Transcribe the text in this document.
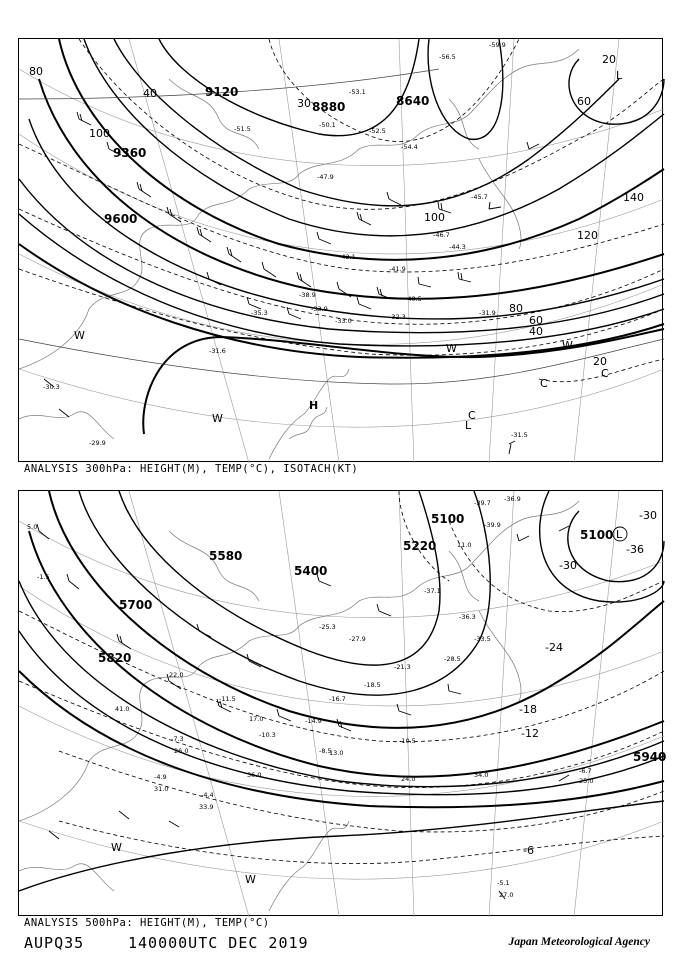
9120
8880	8640
9360
9600
80
40
100
20
60
120
140
30
100
80
60
40
20
-59.9
-56.5
-53.1
-50.1
-51.5
-54.4
-47.9
-45.7
-44.3
-42.1
-41.9
-38.9
-35.3	-33.9
-33.0	-32.3	-31.9
-31.6
-30.3
-31.5
-29.9
-40.5
-46.7
-52.5
H
L
L
C
C
C
W
W
W	W
ANALYSIS 300hPa: HEIGHT(M), TEMP(°C), ISOTACH(KT)
5100
5220
5100
5580
5400
5700
5820
5940
-30
-36
-24
-18
-12
-6
-30
-39.7 -36.9
-39.9
-37.1
-36.3
-33.5
-28.5
-27.9
-25.3
-21.3
-18.5
-16.7
-14.9
-11.5
-10.5
-10.3
-8.5
-7.3
-6.7
-5.1
-4.9
-4.4
-1.5
5.0
11.0
13.0
17.0
22.0
24.0	25.0
26.0
27.0
31.0
33.9
34.0
36.0
41.0
L
W
W
ANALYSIS 500hPa: HEIGHT(M), TEMP(°C)
AUPQ35	140000UTC DEC 2019	Japan Meteorological Agency
